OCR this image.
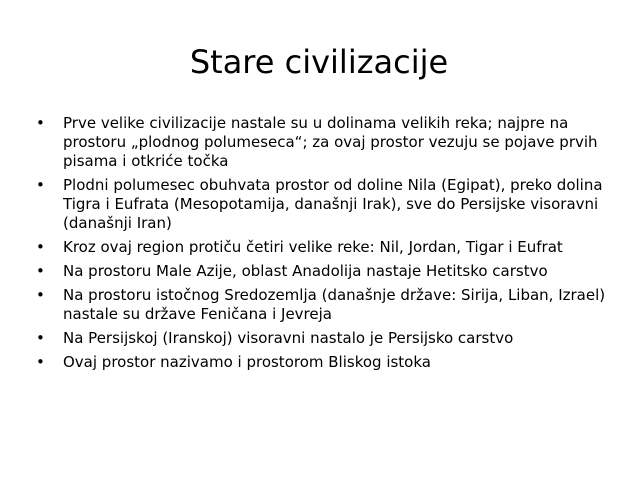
Stare civilizacije
•	Prve velike civilizacije nastale su u dolinama velikih reka; najpre na prostoru „plodnog polumeseca“; za ovaj prostor vezuju se pojave prvih pisama i otkriće točka
•	Plodni polumesec obuhvata prostor od doline Nila (Egipat), preko dolina Tigra i Eufrata (Mesopotamija, današnji Irak), sve do Persijske visoravni (današnji Iran)
•	Kroz ovaj region protiču četiri velike reke: Nil, Jordan, Tigar i Eufrat
•	Na prostoru Male Azije, oblast Anadolija nastaje Hetitsko carstvo
•	Na prostoru istočnog Sredozemlja (današnje države: Sirija, Liban, Izrael) nastale su države Feničana i Jevreja
•	Na Persijskoj (Iranskoj) visoravni nastalo je Persijsko carstvo
•	Ovaj prostor nazivamo i prostorom Bliskog istoka
